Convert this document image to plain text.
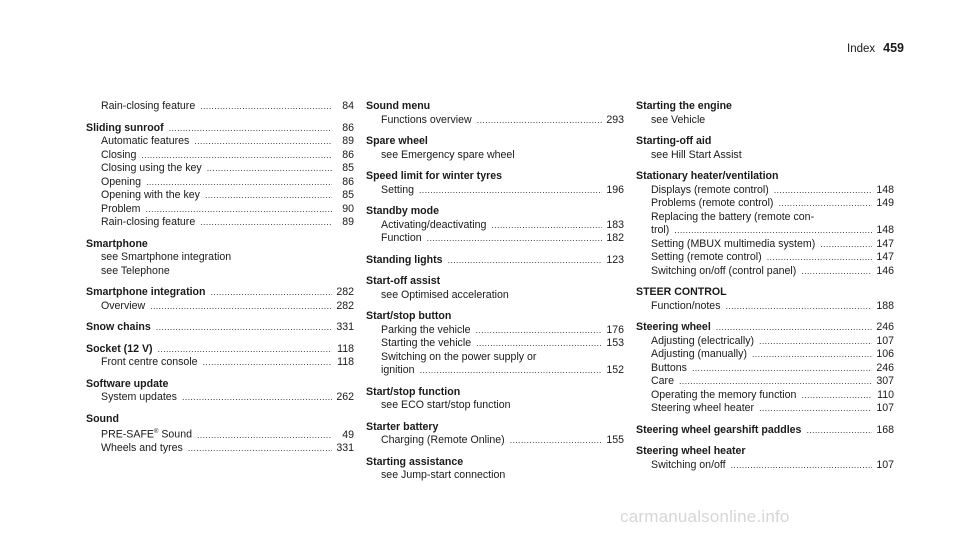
Index 459
Rain-closing feature .....	84
Sliding sunroof .....	86
Automatic features .....	89
Closing .....	86
Closing using the key .....	85
Opening .....	86
Opening with the key .....	85
Problem .....	90
Rain-closing feature .....	89
Smartphone
see Smartphone integration
see Telephone
Smartphone integration .....	282
Overview .....	282
Snow chains .....	331
Socket (12 V) .....	118
Front centre console .....	118
Software update
System updates .....	262
Sound
PRE-SAFE® Sound .....	49
Wheels and tyres .....	331
Sound menu
Functions overview .....	293
Spare wheel
see Emergency spare wheel
Speed limit for winter tyres
Setting .....	196
Standby mode
Activating/deactivating .....	183
Function .....	182
Standing lights .....	123
Start-off assist
see Optimised acceleration
Start/stop button
Parking the vehicle .....	176
Starting the vehicle .....	153
Switching on the power supply or
ignition .....	152
Start/stop function
see ECO start/stop function
Starter battery
Charging (Remote Online) .....	155
Starting assistance
see Jump-start connection
Starting the engine
see Vehicle
Starting-off aid
see Hill Start Assist
Stationary heater/ventilation
Displays (remote control) .....	148
Problems (remote control) .....	149
Replacing the battery (remote con-
trol) .....	148
Setting (MBUX multimedia system) .....	147
Setting (remote control) .....	147
Switching on/off (control panel) .....	146
STEER CONTROL
Function/notes .....	188
Steering wheel .....	246
Adjusting (electrically) .....	107
Adjusting (manually) .....	106
Buttons .....	246
Care .....	307
Operating the memory function .....	110
Steering wheel heater .....	107
Steering wheel gearshift paddles .....	168
Steering wheel heater
Switching on/off .....	107
carmanualsonline.info
